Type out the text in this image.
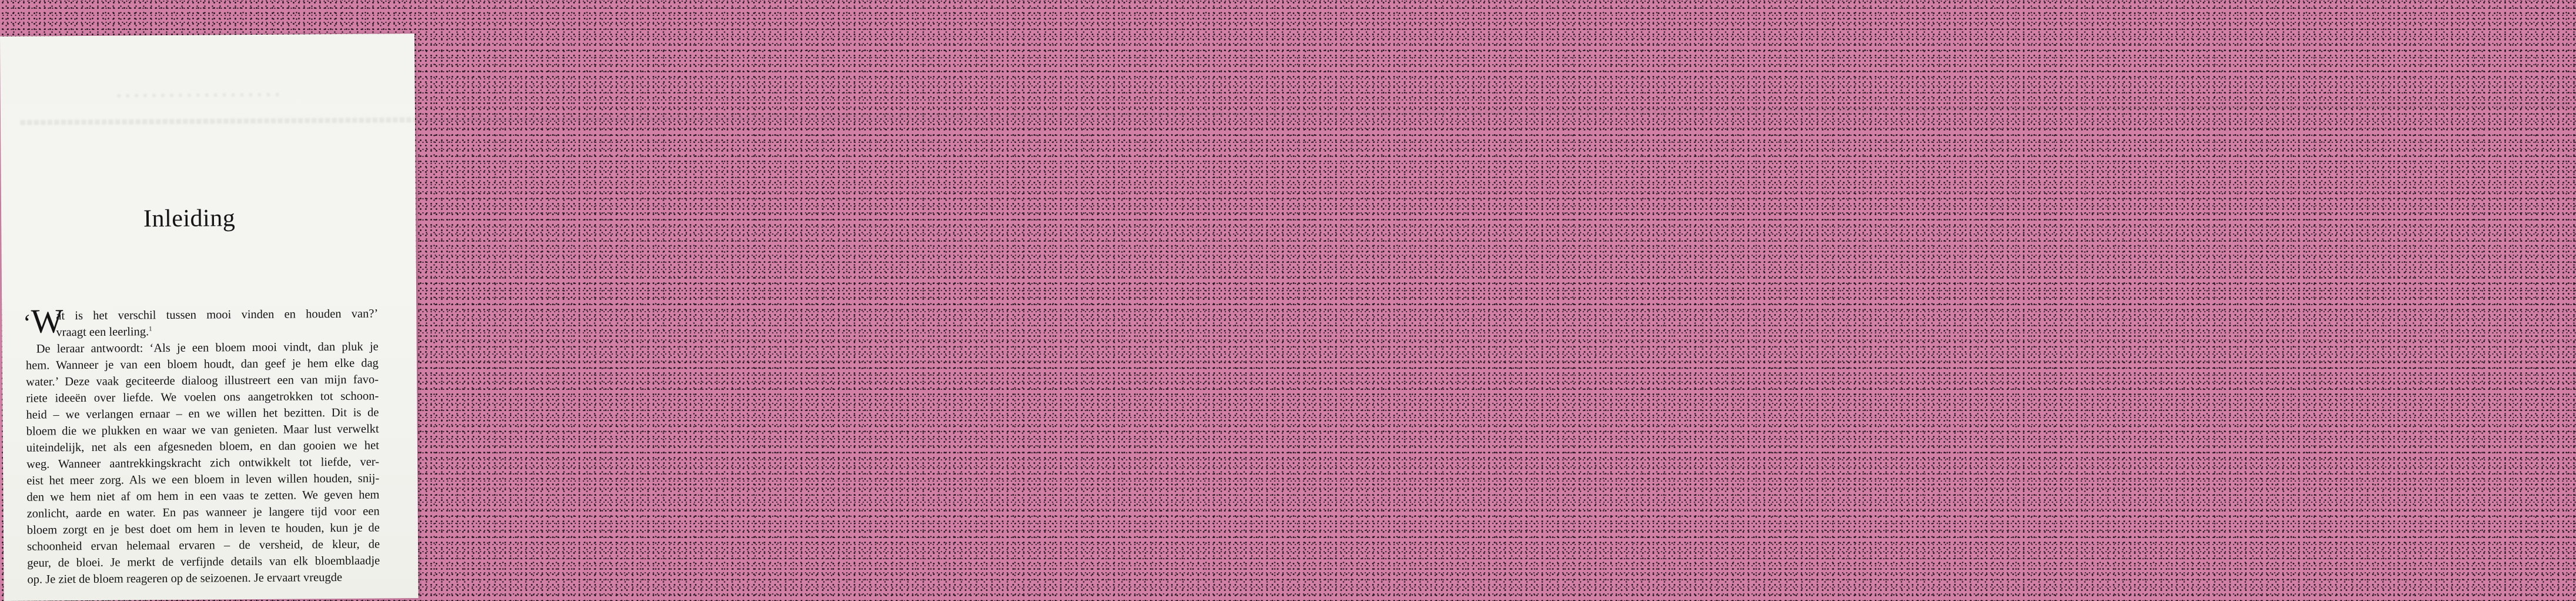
▪ ▪ ▪ ▪ ▪ ▪ ▪ ▪ ▪ ▪ ▪ ▪ ▪ ▪ ▪ ▪ ▪ ▪ ▪
▪▪▪▪▪▪▪▪▪▪▪▪▪▪▪▪▪▪▪▪▪▪▪▪▪▪▪▪▪▪▪▪▪▪▪▪▪▪▪▪▪▪▪▪▪▪▪▪▪▪▪▪▪▪▪▪▪▪▪▪▪▪▪▪▪▪▪▪▪▪▪▪▪▪▪▪▪▪▪▪▪▪▪▪▪▪▪▪▪▪▪▪▪▪▪▪▪▪▪▪▪▪▪▪▪▪▪▪▪▪▪▪▪▪▪▪▪▪▪▪▪▪▪▪▪▪▪▪▪▪▪▪▪▪▪▪▪▪▪▪▪▪▪▪▪▪▪▪▪▪▪▪▪▪▪▪▪▪▪▪▪▪▪▪▪▪▪▪▪▪▪▪▪▪▪▪▪▪▪▪▪▪▪▪▪▪▪▪▪▪▪▪▪▪▪▪▪▪▪▪▪▪▪▪▪▪▪▪▪▪▪▪▪▪▪▪▪▪▪▪▪▪▪▪▪▪▪▪▪▪▪▪▪▪▪▪▪▪▪▪▪▪▪▪▪▪▪▪▪▪▪▪▪▪▪▪▪▪▪▪▪▪▪▪▪▪▪▪▪▪▪▪▪▪▪▪▪▪▪▪▪▪▪▪▪▪▪▪▪▪▪▪▪▪▪▪▪▪▪▪▪▪▪▪▪▪▪▪▪▪▪▪▪▪▪▪▪▪▪▪▪▪▪▪▪▪▪▪▪▪▪▪▪▪▪▪▪▪▪▪▪▪▪▪▪▪▪▪▪▪▪▪▪▪▪▪▪▪▪▪▪▪▪▪▪▪▪▪▪▪▪▪▪▪▪▪▪
Inleiding
‘W
at is het verschil tussen mooi vinden en houden van?’
vraagt een leerling.$^1$
De leraar antwoordt: ‘Als je een bloem mooi vindt, dan pluk je
hem. Wanneer je van een bloem houdt, dan geef je hem elke dag
water.’ Deze vaak geciteerde dialoog illustreert een van mijn favo-
riete ideeën over liefde. We voelen ons aangetrokken tot schoon-
heid – we verlangen ernaar – en we willen het bezitten. Dit is de
bloem die we plukken en waar we van genieten. Maar lust verwelkt
uiteindelijk, net als een afgesneden bloem, en dan gooien we het
weg. Wanneer aantrekkingskracht zich ontwikkelt tot liefde, ver-
eist het meer zorg. Als we een bloem in leven willen houden, snij-
den we hem niet af om hem in een vaas te zetten. We geven hem
zonlicht, aarde en water. En pas wanneer je langere tijd voor een
bloem zorgt en je best doet om hem in leven te houden, kun je de
schoonheid ervan helemaal ervaren – de versheid, de kleur, de
geur, de bloei. Je merkt de verfijnde details van elk bloemblaadje
op. Je ziet de bloem reageren op de seizoenen. Je ervaart vreugde
